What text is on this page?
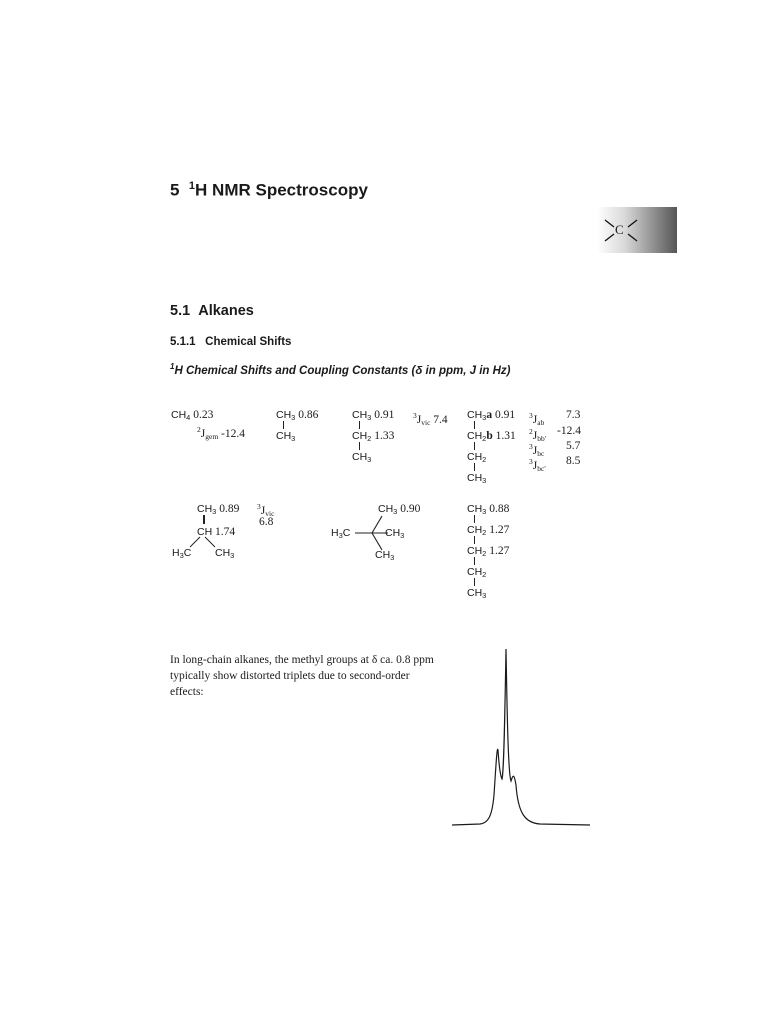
5 $^1$H NMR Spectroscopy
C
5.1 Alkanes
5.1.1 Chemical Shifts
$^1$H Chemical Shifts and Coupling Constants (δ in ppm, J in Hz)
$CH_4$ 0.23
$^2J_{gem}$ -12.4
$CH_3$ 0.86
$CH_3$
$CH_3$ 0.91 $^3J_{vic}$ 7.4
$CH_2$ 1.33
$CH_3$
$CH_3a$ 0.91
$CH_2b$ 1.31
$CH_2$
$CH_3$
$^3J_{ab}$
7.3
$^2J_{bb'}$
-12.4
$^3J_{bc}$
5.7
$^3J_{bc'}$
8.5
$CH_3$ 0.89 $^3J_{vic}$
6.8
CH 1.74
$H_3C$ $CH_3$
$CH_3$ 0.90
$H_3C$	$CH_3$
$CH_3$
$CH_3$ 0.88
$CH_2$ 1.27
$CH_2$ 1.27
$CH_2$
$CH_3$
In long-chain alkanes, the methyl groups at δ ca. 0.8 ppm typically show distorted triplets due to second-order effects:
